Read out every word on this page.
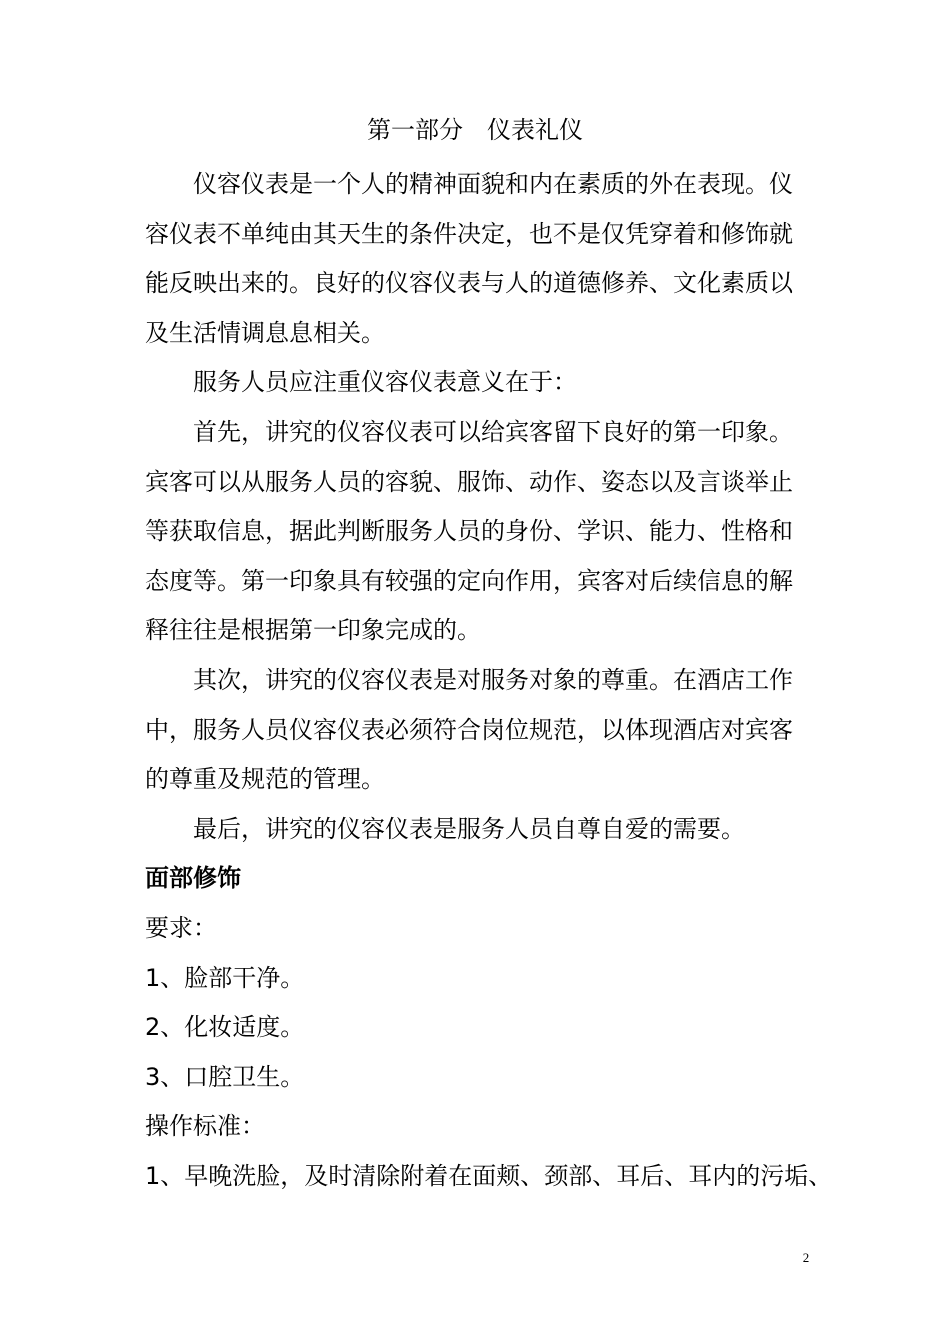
第一部分 仪表礼仪

仪容仪表是一个人的精神面貌和内在素质的外在表现。仪容仪表不单纯由其天生的条件决定，也不是仅凭穿着和修饰就能反映出来的。良好的仪容仪表与人的道德修养、文化素质以及生活情调息息相关。

服务人员应注重仪容仪表意义在于：

首先，讲究的仪容仪表可以给宾客留下良好的第一印象。宾客可以从服务人员的容貌、服饰、动作、姿态以及言谈举止等获取信息，据此判断服务人员的身份、学识、能力、性格和态度等。第一印象具有较强的定向作用，宾客对后续信息的解释往往是根据第一印象完成的。

其次，讲究的仪容仪表是对服务对象的尊重。在酒店工作中，服务人员仪容仪表必须符合岗位规范，以体现酒店对宾客的尊重及规范的管理。

最后，讲究的仪容仪表是服务人员自尊自爱的需要。

面部修饰

要求：

1、脸部干净。

2、化妆适度。

3、口腔卫生。

操作标准：

1、早晚洗脸，及时清除附着在面颊、颈部、耳后、耳内的污垢、

2
